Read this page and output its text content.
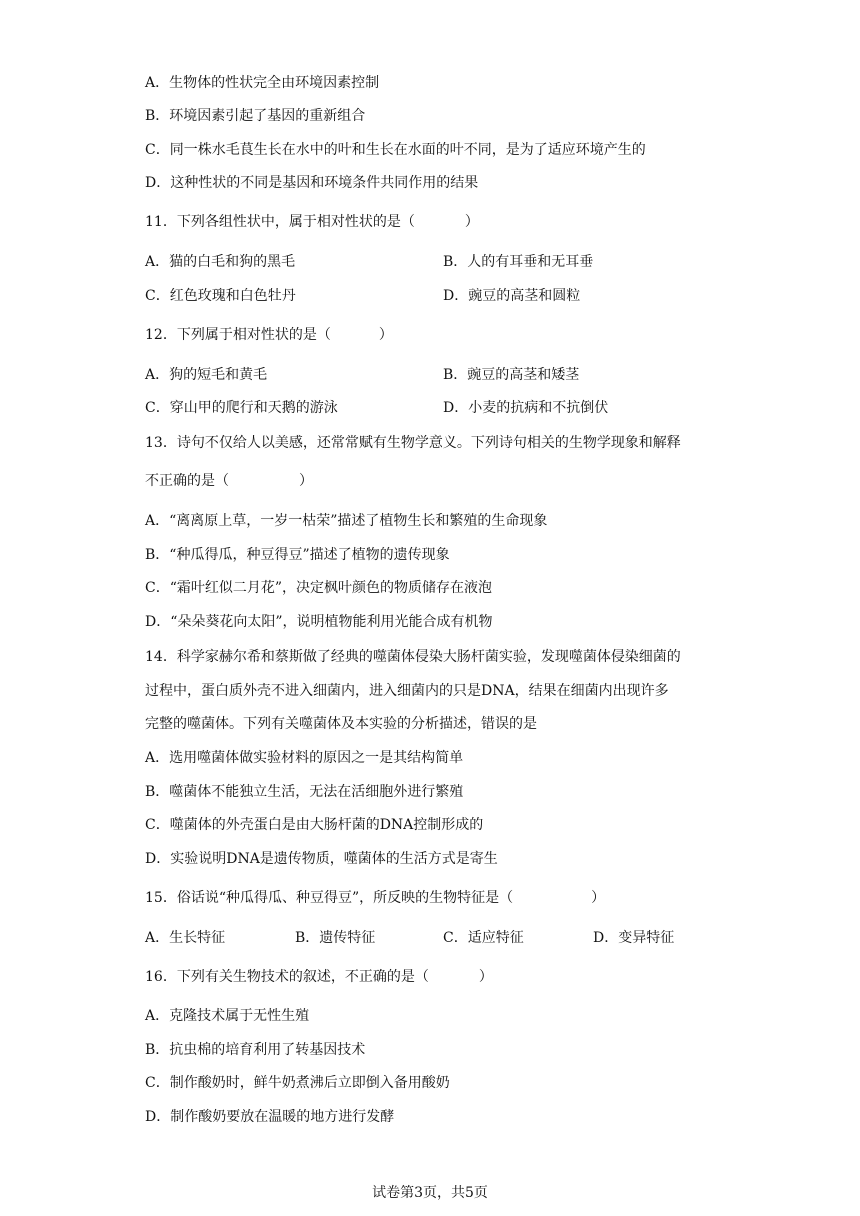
A．生物体的性状完全由环境因素控制
B．环境因素引起了基因的重新组合
C．同一株水毛茛生长在水中的叶和生长在水面的叶不同，是为了适应环境产生的
D．这种性状的不同是基因和环境条件共同作用的结果
11．下列各组性状中，属于相对性状的是（	）
A．猫的白毛和狗的黑毛	B．人的有耳垂和无耳垂
C．红色玫瑰和白色牡丹	D．豌豆的高茎和圆粒
12．下列属于相对性状的是（	）
A．狗的短毛和黄毛	B．豌豆的高茎和矮茎
C．穿山甲的爬行和天鹅的游泳	D．小麦的抗病和不抗倒伏
13．诗句不仅给人以美感，还常常赋有生物学意义。下列诗句相关的生物学现象和解释
不正确的是（	）
A．“离离原上草，一岁一枯荣”描述了植物生长和繁殖的生命现象
B．“种瓜得瓜，种豆得豆”描述了植物的遗传现象
C．“霜叶红似二月花”，决定枫叶颜色的物质储存在液泡
D．“朵朵葵花向太阳”，说明植物能利用光能合成有机物
14．科学家赫尔希和蔡斯做了经典的噬菌体侵染大肠杆菌实验，发现噬菌体侵染细菌的
过程中，蛋白质外壳不进入细菌内，进入细菌内的只是DNA，结果在细菌内出现许多
完整的噬菌体。下列有关噬菌体及本实验的分析描述，错误的是
A．选用噬菌体做实验材料的原因之一是其结构简单
B．噬菌体不能独立生活，无法在活细胞外进行繁殖
C．噬菌体的外壳蛋白是由大肠杆菌的DNA控制形成的
D．实验说明DNA是遗传物质，噬菌体的生活方式是寄生
15．俗话说“种瓜得瓜、种豆得豆”，所反映的生物特征是（	）
A．生长特征	B．遗传特征	C．适应特征	D．变异特征
16．下列有关生物技术的叙述，不正确的是（	）
A．克隆技术属于无性生殖
B．抗虫棉的培育利用了转基因技术
C．制作酸奶时，鲜牛奶煮沸后立即倒入备用酸奶
D．制作酸奶要放在温暖的地方进行发酵
试卷第3页，共5页
